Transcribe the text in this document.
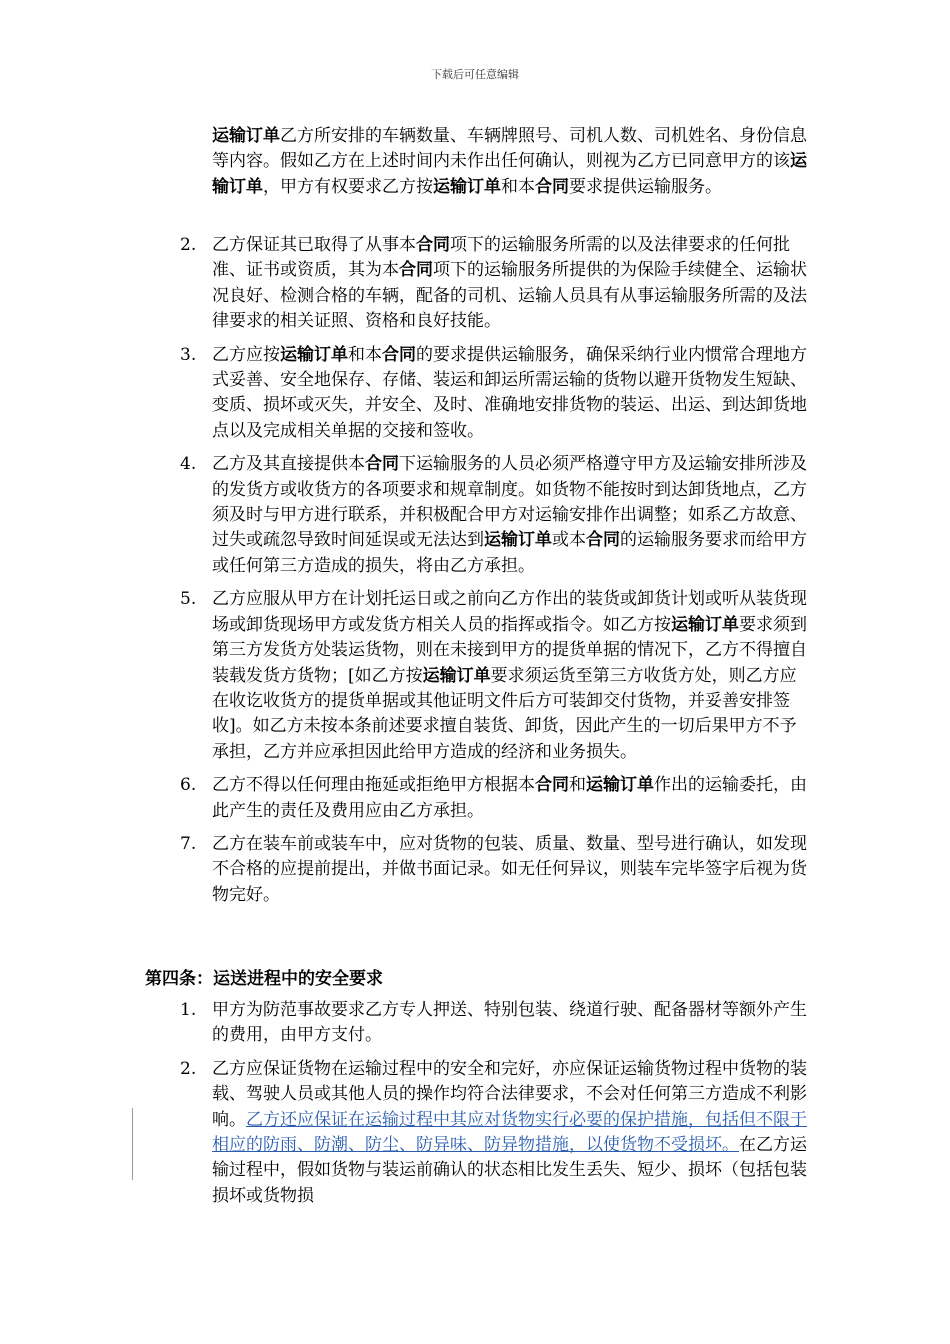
下载后可任意编辑
运输订单乙方所安排的车辆数量、车辆牌照号、司机人数、司机姓名、身份信息等内容。假如乙方在上述时间内未作出任何确认，则视为乙方已同意甲方的该运输订单，甲方有权要求乙方按运输订单和本合同要求提供运输服务。
2. 乙方保证其已取得了从事本合同项下的运输服务所需的以及法律要求的任何批准、证书或资质，其为本合同项下的运输服务所提供的为保险手续健全、运输状况良好、检测合格的车辆，配备的司机、运输人员具有从事运输服务所需的及法律要求的相关证照、资格和良好技能。
3. 乙方应按运输订单和本合同的要求提供运输服务，确保采纳行业内惯常合理地方式妥善、安全地保存、存储、装运和卸运所需运输的货物以避开货物发生短缺、变质、损坏或灭失，并安全、及时、准确地安排货物的装运、出运、到达卸货地点以及完成相关单据的交接和签收。
4. 乙方及其直接提供本合同下运输服务的人员必须严格遵守甲方及运输安排所涉及的发货方或收货方的各项要求和规章制度。如货物不能按时到达卸货地点，乙方须及时与甲方进行联系，并积极配合甲方对运输安排作出调整；如系乙方故意、过失或疏忽导致时间延误或无法达到运输订单或本合同的运输服务要求而给甲方或任何第三方造成的损失，将由乙方承担。
5. 乙方应服从甲方在计划托运日或之前向乙方作出的装货或卸货计划或听从装货现场或卸货现场甲方或发货方相关人员的指挥或指令。如乙方按运输订单要求须到第三方发货方处装运货物，则在未接到甲方的提货单据的情况下，乙方不得擅自装载发货方货物；[如乙方按运输订单要求须运货至第三方收货方处，则乙方应在收讫收货方的提货单据或其他证明文件后方可装卸交付货物，并妥善安排签收]。如乙方未按本条前述要求擅自装货、卸货，因此产生的一切后果甲方不予承担，乙方并应承担因此给甲方造成的经济和业务损失。
6. 乙方不得以任何理由拖延或拒绝甲方根据本合同和运输订单作出的运输委托，由此产生的责任及费用应由乙方承担。
7. 乙方在装车前或装车中，应对货物的包装、质量、数量、型号进行确认，如发现不合格的应提前提出，并做书面记录。如无任何异议，则装车完毕签字后视为货物完好。
第四条：运送进程中的安全要求
1. 甲方为防范事故要求乙方专人押送、特别包装、绕道行驶、配备器材等额外产生的费用，由甲方支付。
2. 乙方应保证货物在运输过程中的安全和完好，亦应保证运输货物过程中货物的装载、驾驶人员或其他人员的操作均符合法律要求，不会对任何第三方造成不利影响。乙方还应保证在运输过程中其应对货物实行必要的保护措施，包括但不限于相应的防雨、防潮、防尘、防异味、防异物措施，以使货物不受损坏。在乙方运输过程中，假如货物与装运前确认的状态相比发生丢失、短少、损坏（包括包装损坏或货物损
